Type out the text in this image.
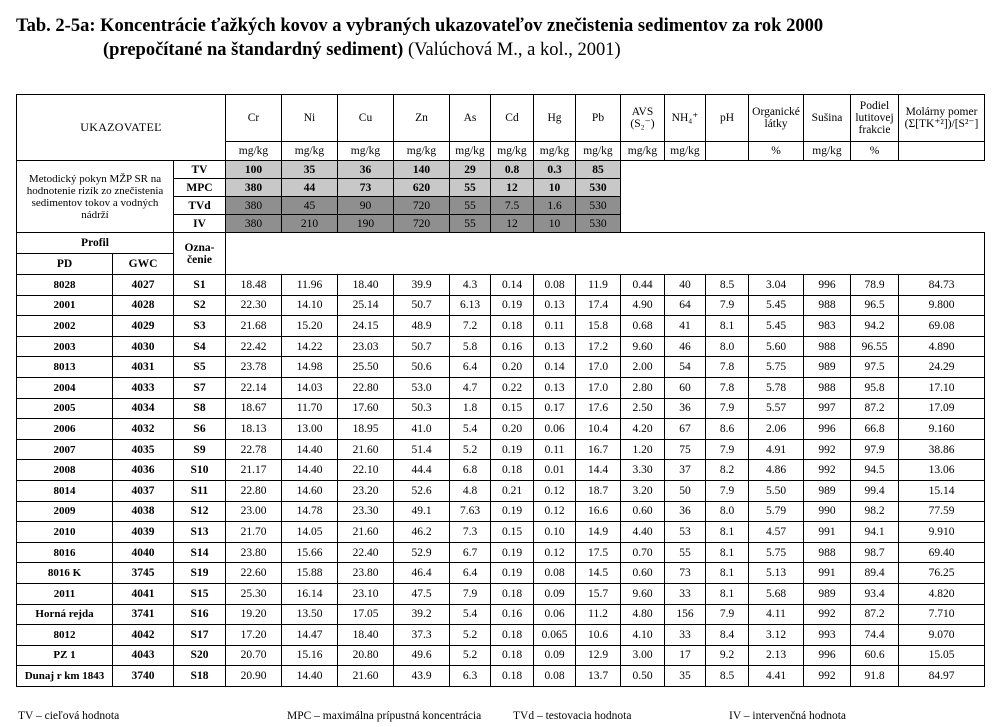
Tab. 2-5a: Koncentrácie ťažkých kovov a vybraných ukazovateľov znečistenia sedimentov za rok 2000
(prepočítané na štandardný sediment) (Valúchová M., a kol., 2001)
UKAZOVATEĽ			Cr	Ni	Cu	Zn	As	Cd	Hg	Pb	AVS (S₂⁻)	NH₄⁺	pH	Organické látky	Sušina	Podiel lutitovej frakcie	Molárny pomer (Σ[TK⁺²])/[S²⁻]
			mg/kg	mg/kg	mg/kg	mg/kg	mg/kg	mg/kg	mg/kg	mg/kg	mg/kg	mg/kg		%	mg/kg	%	
Metodický pokyn MŽP SR na hodnotenie rizík zo znečistenia sedimentov tokov a vodných nádrží		TV	100	35	36	140	29	0.8	0.3	85							
		MPC	380	44	73	620	55	12	10	530							
		TVd	380	45	90	720	55	7.5	1.6	530							
		IV	380	210	190	720	55	12	10	530							
Profil		Ozna-čenie															
PD	GWC																
8028	4027	S1	18.48	11.96	18.40	39.9	4.3	0.14	0.08	11.9	0.44	40	8.5	3.04	996	78.9	84.73
2001	4028	S2	22.30	14.10	25.14	50.7	6.13	0.19	0.13	17.4	4.90	64	7.9	5.45	988	96.5	9.800
2002	4029	S3	21.68	15.20	24.15	48.9	7.2	0.18	0.11	15.8	0.68	41	8.1	5.45	983	94.2	69.08
2003	4030	S4	22.42	14.22	23.03	50.7	5.8	0.16	0.13	17.2	9.60	46	8.0	5.60	988	96.55	4.890
8013	4031	S5	23.78	14.98	25.50	50.6	6.4	0.20	0.14	17.0	2.00	54	7.8	5.75	989	97.5	24.29
2004	4033	S7	22.14	14.03	22.80	53.0	4.7	0.22	0.13	17.0	2.80	60	7.8	5.78	988	95.8	17.10
2005	4034	S8	18.67	11.70	17.60	50.3	1.8	0.15	0.17	17.6	2.50	36	7.9	5.57	997	87.2	17.09
2006	4032	S6	18.13	13.00	18.95	41.0	5.4	0.20	0.06	10.4	4.20	67	8.6	2.06	996	66.8	9.160
2007	4035	S9	22.78	14.40	21.60	51.4	5.2	0.19	0.11	16.7	1.20	75	7.9	4.91	992	97.9	38.86
2008	4036	S10	21.17	14.40	22.10	44.4	6.8	0.18	0.01	14.4	3.30	37	8.2	4.86	992	94.5	13.06
8014	4037	S11	22.80	14.60	23.20	52.6	4.8	0.21	0.12	18.7	3.20	50	7.9	5.50	989	99.4	15.14
2009	4038	S12	23.00	14.78	23.30	49.1	7.63	0.19	0.12	16.6	0.60	36	8.0	5.79	990	98.2	77.59
2010	4039	S13	21.70	14.05	21.60	46.2	7.3	0.15	0.10	14.9	4.40	53	8.1	4.57	991	94.1	9.910
8016	4040	S14	23.80	15.66	22.40	52.9	6.7	0.19	0.12	17.5	0.70	55	8.1	5.75	988	98.7	69.40
8016 K	3745	S19	22.60	15.88	23.80	46.4	6.4	0.19	0.08	14.5	0.60	73	8.1	5.13	991	89.4	76.25
2011	4041	S15	25.30	16.14	23.10	47.5	7.9	0.18	0.09	15.7	9.60	33	8.1	5.68	989	93.4	4.820
Horná rejda	3741	S16	19.20	13.50	17.05	39.2	5.4	0.16	0.06	11.2	4.80	156	7.9	4.11	992	87.2	7.710
8012	4042	S17	17.20	14.47	18.40	37.3	5.2	0.18	0.065	10.6	4.10	33	8.4	3.12	993	74.4	9.070
PZ 1	4043	S20	20.70	15.16	20.80	49.6	5.2	0.18	0.09	12.9	3.00	17	9.2	2.13	996	60.6	15.05
Dunaj r km 1843	3740	S18	20.90	14.40	21.60	43.9	6.3	0.18	0.08	13.7	0.50	35	8.5	4.41	992	91.8	84.97
TV – cieľová hodnota	MPC – maximálna prípustná koncentrácia	TVd – testovacia hodnota	IV – intervenčná hodnota
